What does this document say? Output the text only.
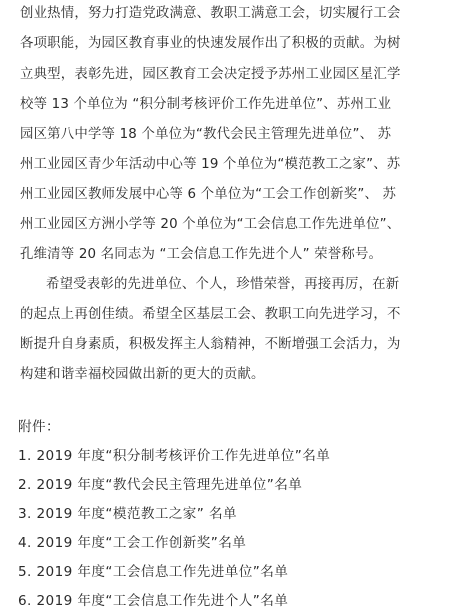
创业热情，努力打造党政满意、教职工满意工会，切实履行工会
各项职能，为园区教育事业的快速发展作出了积极的贡献。为树
立典型，表彰先进，园区教育工会决定授予苏州工业园区星汇学
校等 13 个单位为 “积分制考核评价工作先进单位”、苏州工业
园区第八中学等 18 个单位为“教代会民主管理先进单位”、 苏
州工业园区青少年活动中心等 19 个单位为“模范教工之家”、苏
州工业园区教师发展中心等 6 个单位为“工会工作创新奖”、 苏
州工业园区方洲小学等 20 个单位为“工会信息工作先进单位”、
孔维清等 20 名同志为 “工会信息工作先进个人” 荣誉称号。
希望受表彰的先进单位、个人，珍惜荣誉，再接再厉，在新
的起点上再创佳绩。希望全区基层工会、教职工向先进学习，不
断提升自身素质，积极发挥主人翁精神，不断增强工会活力，为
构建和谐幸福校园做出新的更大的贡献。
附件：
1. 2019 年度“积分制考核评价工作先进单位”名单
2. 2019 年度“教代会民主管理先进单位”名单
3. 2019 年度“模范教工之家” 名单
4. 2019 年度“工会工作创新奖”名单
5. 2019 年度“工会信息工作先进单位”名单
6. 2019 年度“工会信息工作先进个人”名单
